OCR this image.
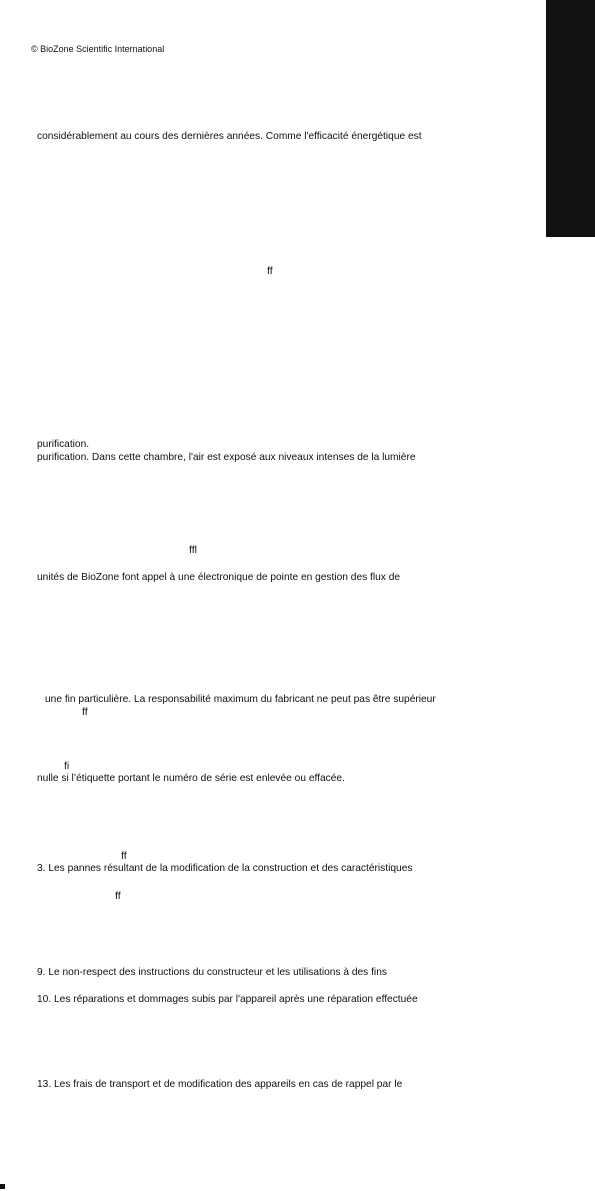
© BioZone Scientific International
considérablement au cours des dernières années. Comme l'efficacité énergétique est
ff
purification.
purification. Dans cette chambre, l'air est exposé aux niveaux intenses de la lumière
ffl
unités de BioZone font appel à une électronique de pointe en gestion des flux de
une fin particulière. La responsabilité maximum du fabricant ne peut pas être supérieur
ff
fi
nulle si l’étiquette portant le numéro de série est enlevée ou effacée.
ff
3. Les pannes résultant de la modification de la construction et des caractéristiques
ff
9. Le non-respect des instructions du constructeur et les utilisations à des fins
10. Les réparations et dommages subis par l'appareil après une réparation effectuée
13. Les frais de transport et de modification des appareils en cas de rappel par le
